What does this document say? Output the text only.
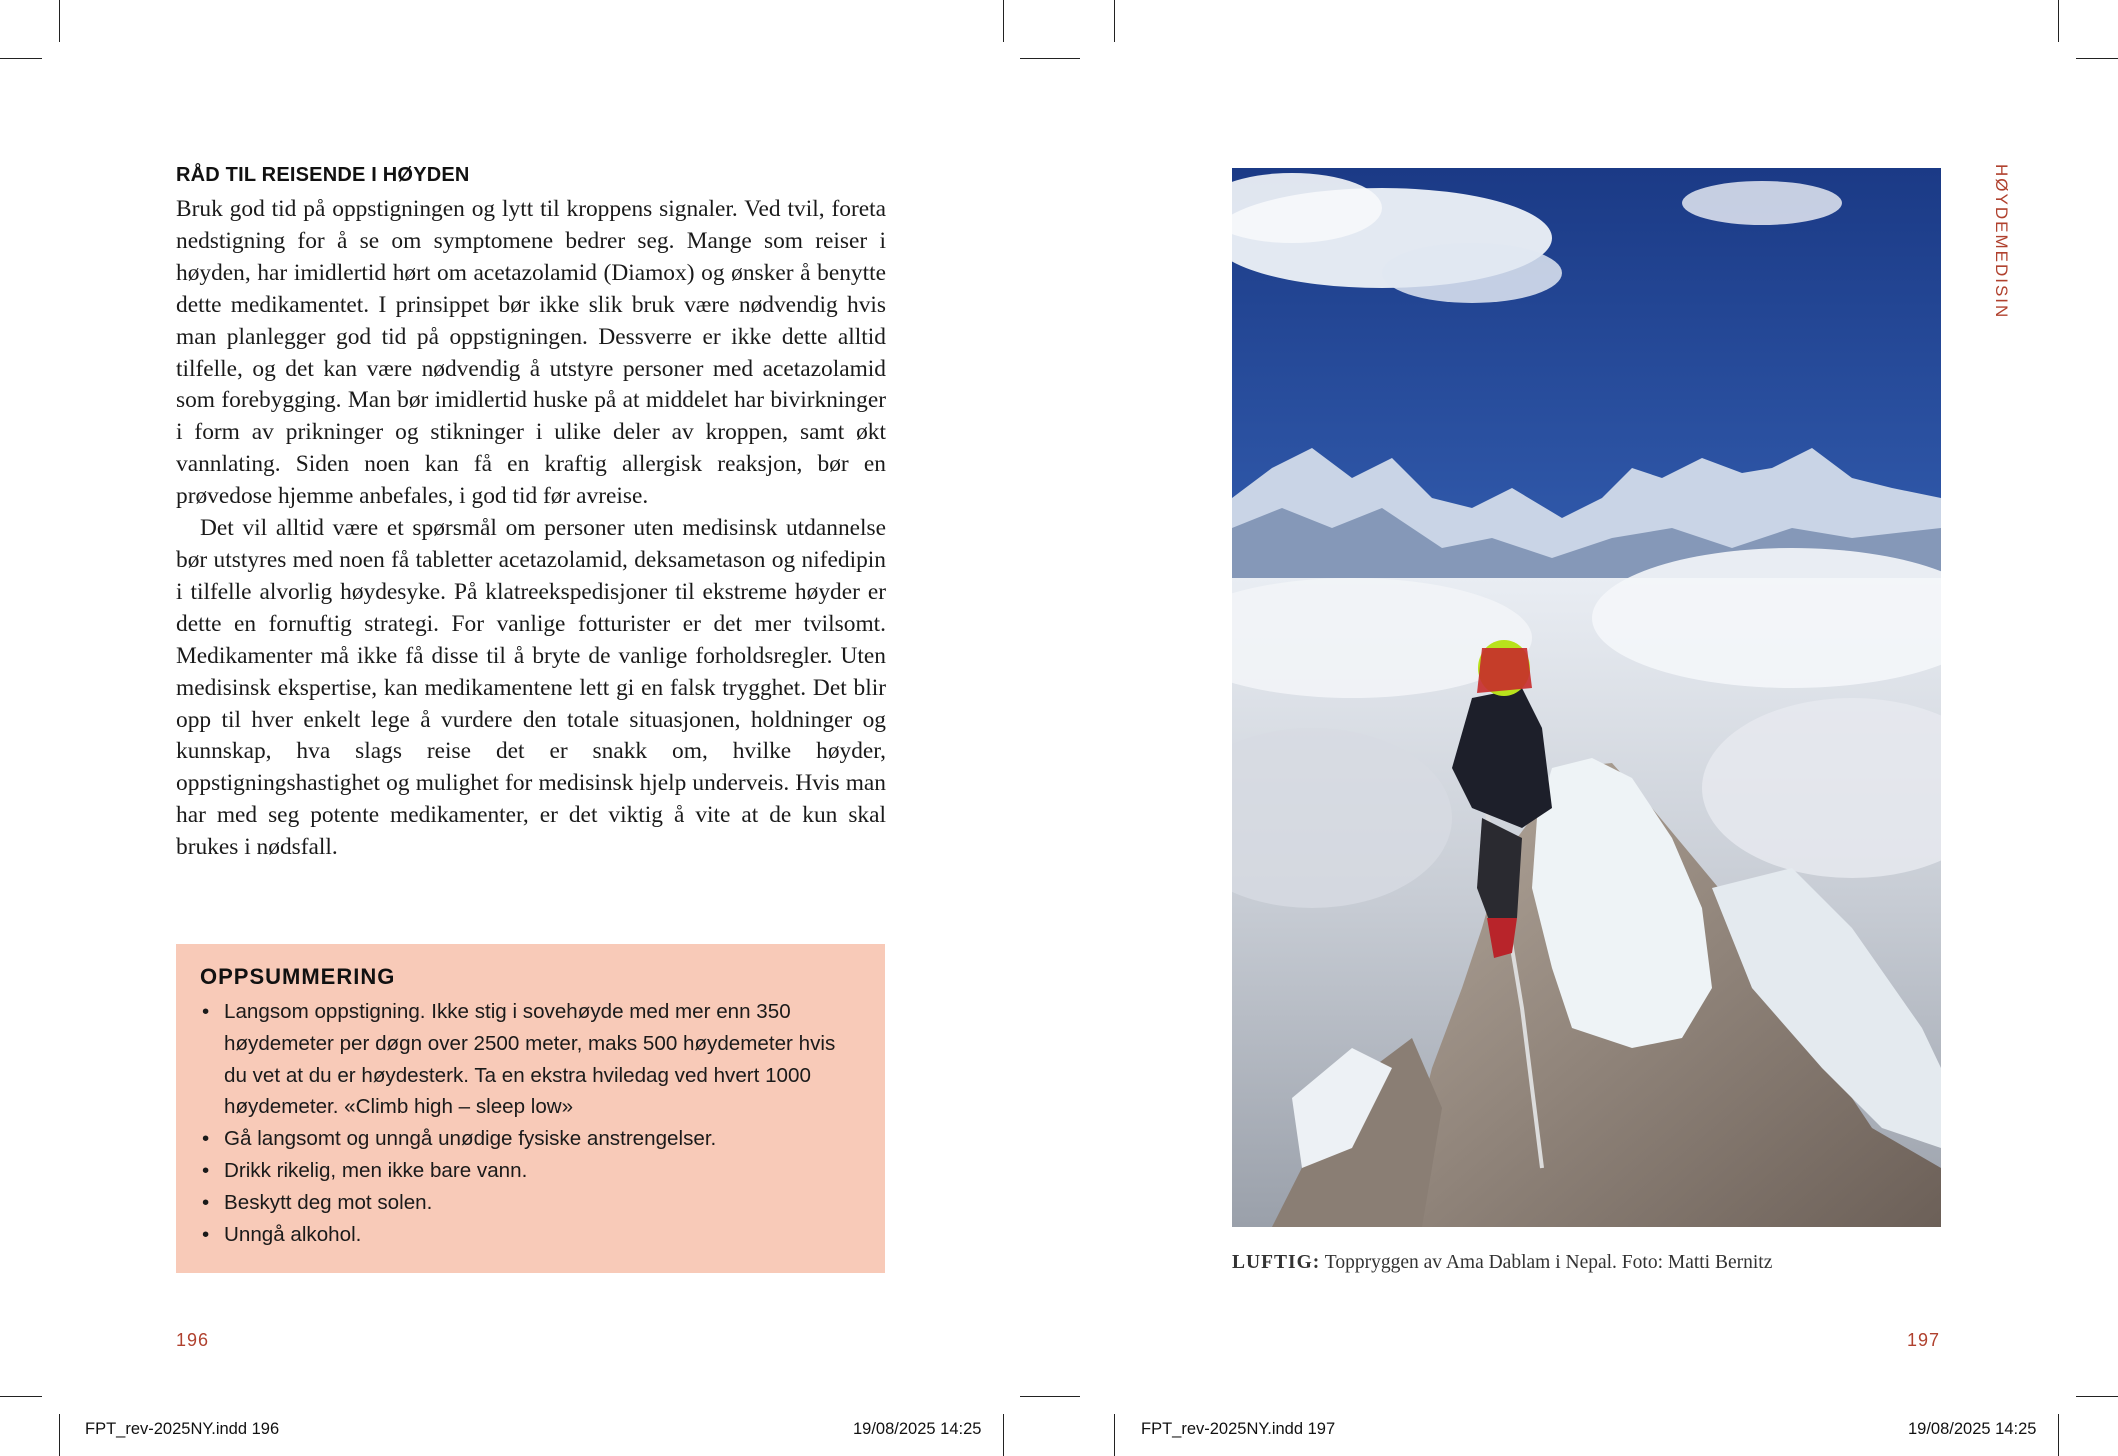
RÅD TIL REISENDE I HØYDEN

Bruk god tid på oppstigningen og lytt til kroppens signaler. Ved tvil, foreta nedstigning for å se om symptomene bedrer seg. Mange som reiser i høyden, har imidlertid hørt om acetazolamid (Diamox) og ønsker å benytte dette medikamentet. I prinsippet bør ikke slik bruk være nødvendig hvis man planlegger god tid på oppstigningen. Dessverre er ikke dette alltid tilfelle, og det kan være nødvendig å utstyre personer med acetazolamid som forebygging. Man bør imidlertid huske på at middelet har bivirkninger i form av prikninger og stikninger i ulike deler av kroppen, samt økt vannlating. Siden noen kan få en kraftig allergisk reaksjon, bør en prøvedose hjemme anbefales, i god tid før avreise.

Det vil alltid være et spørsmål om personer uten medisinsk utdannelse bør utstyres med noen få tabletter acetazolamid, deksametason og nifedipin i tilfelle alvorlig høydesyke. På klatreekspedisjoner til ekstreme høyder er dette en fornuftig strategi. For vanlige fotturister er det mer tvilsomt. Medikamenter må ikke få disse til å bryte de vanlige forholdsregler. Uten medisinsk ekspertise, kan medikamentene lett gi en falsk trygghet. Det blir opp til hver enkelt lege å vurdere den totale situasjonen, holdninger og kunnskap, hva slags reise det er snakk om, hvilke høyder, oppstigningshastighet og mulighet for medisinsk hjelp underveis. Hvis man har med seg potente medikamenter, er det viktig å vite at de kun skal brukes i nødsfall.

OPPSUMMERING
• Langsom oppstigning. Ikke stig i sovehøyde med mer enn 350 høydemeter per døgn over 2500 meter, maks 500 høydemeter hvis du vet at du er høydesterk. Ta en ekstra hviledag ved hvert 1000 høydemeter. «Climb high – sleep low»
• Gå langsomt og unngå unødige fysiske anstrengelser.
• Drikk rikelig, men ikke bare vann.
• Beskytt deg mot solen.
• Unngå alkohol.
196
FPT_rev-2025NY.indd 196	19/08/2025 14:25
LUFTIG: Toppryggen av Ama Dablam i Nepal. Foto: Matti Bernitz
HØYDEMEDISIN
197
FPT_rev-2025NY.indd 197	19/08/2025 14:25
